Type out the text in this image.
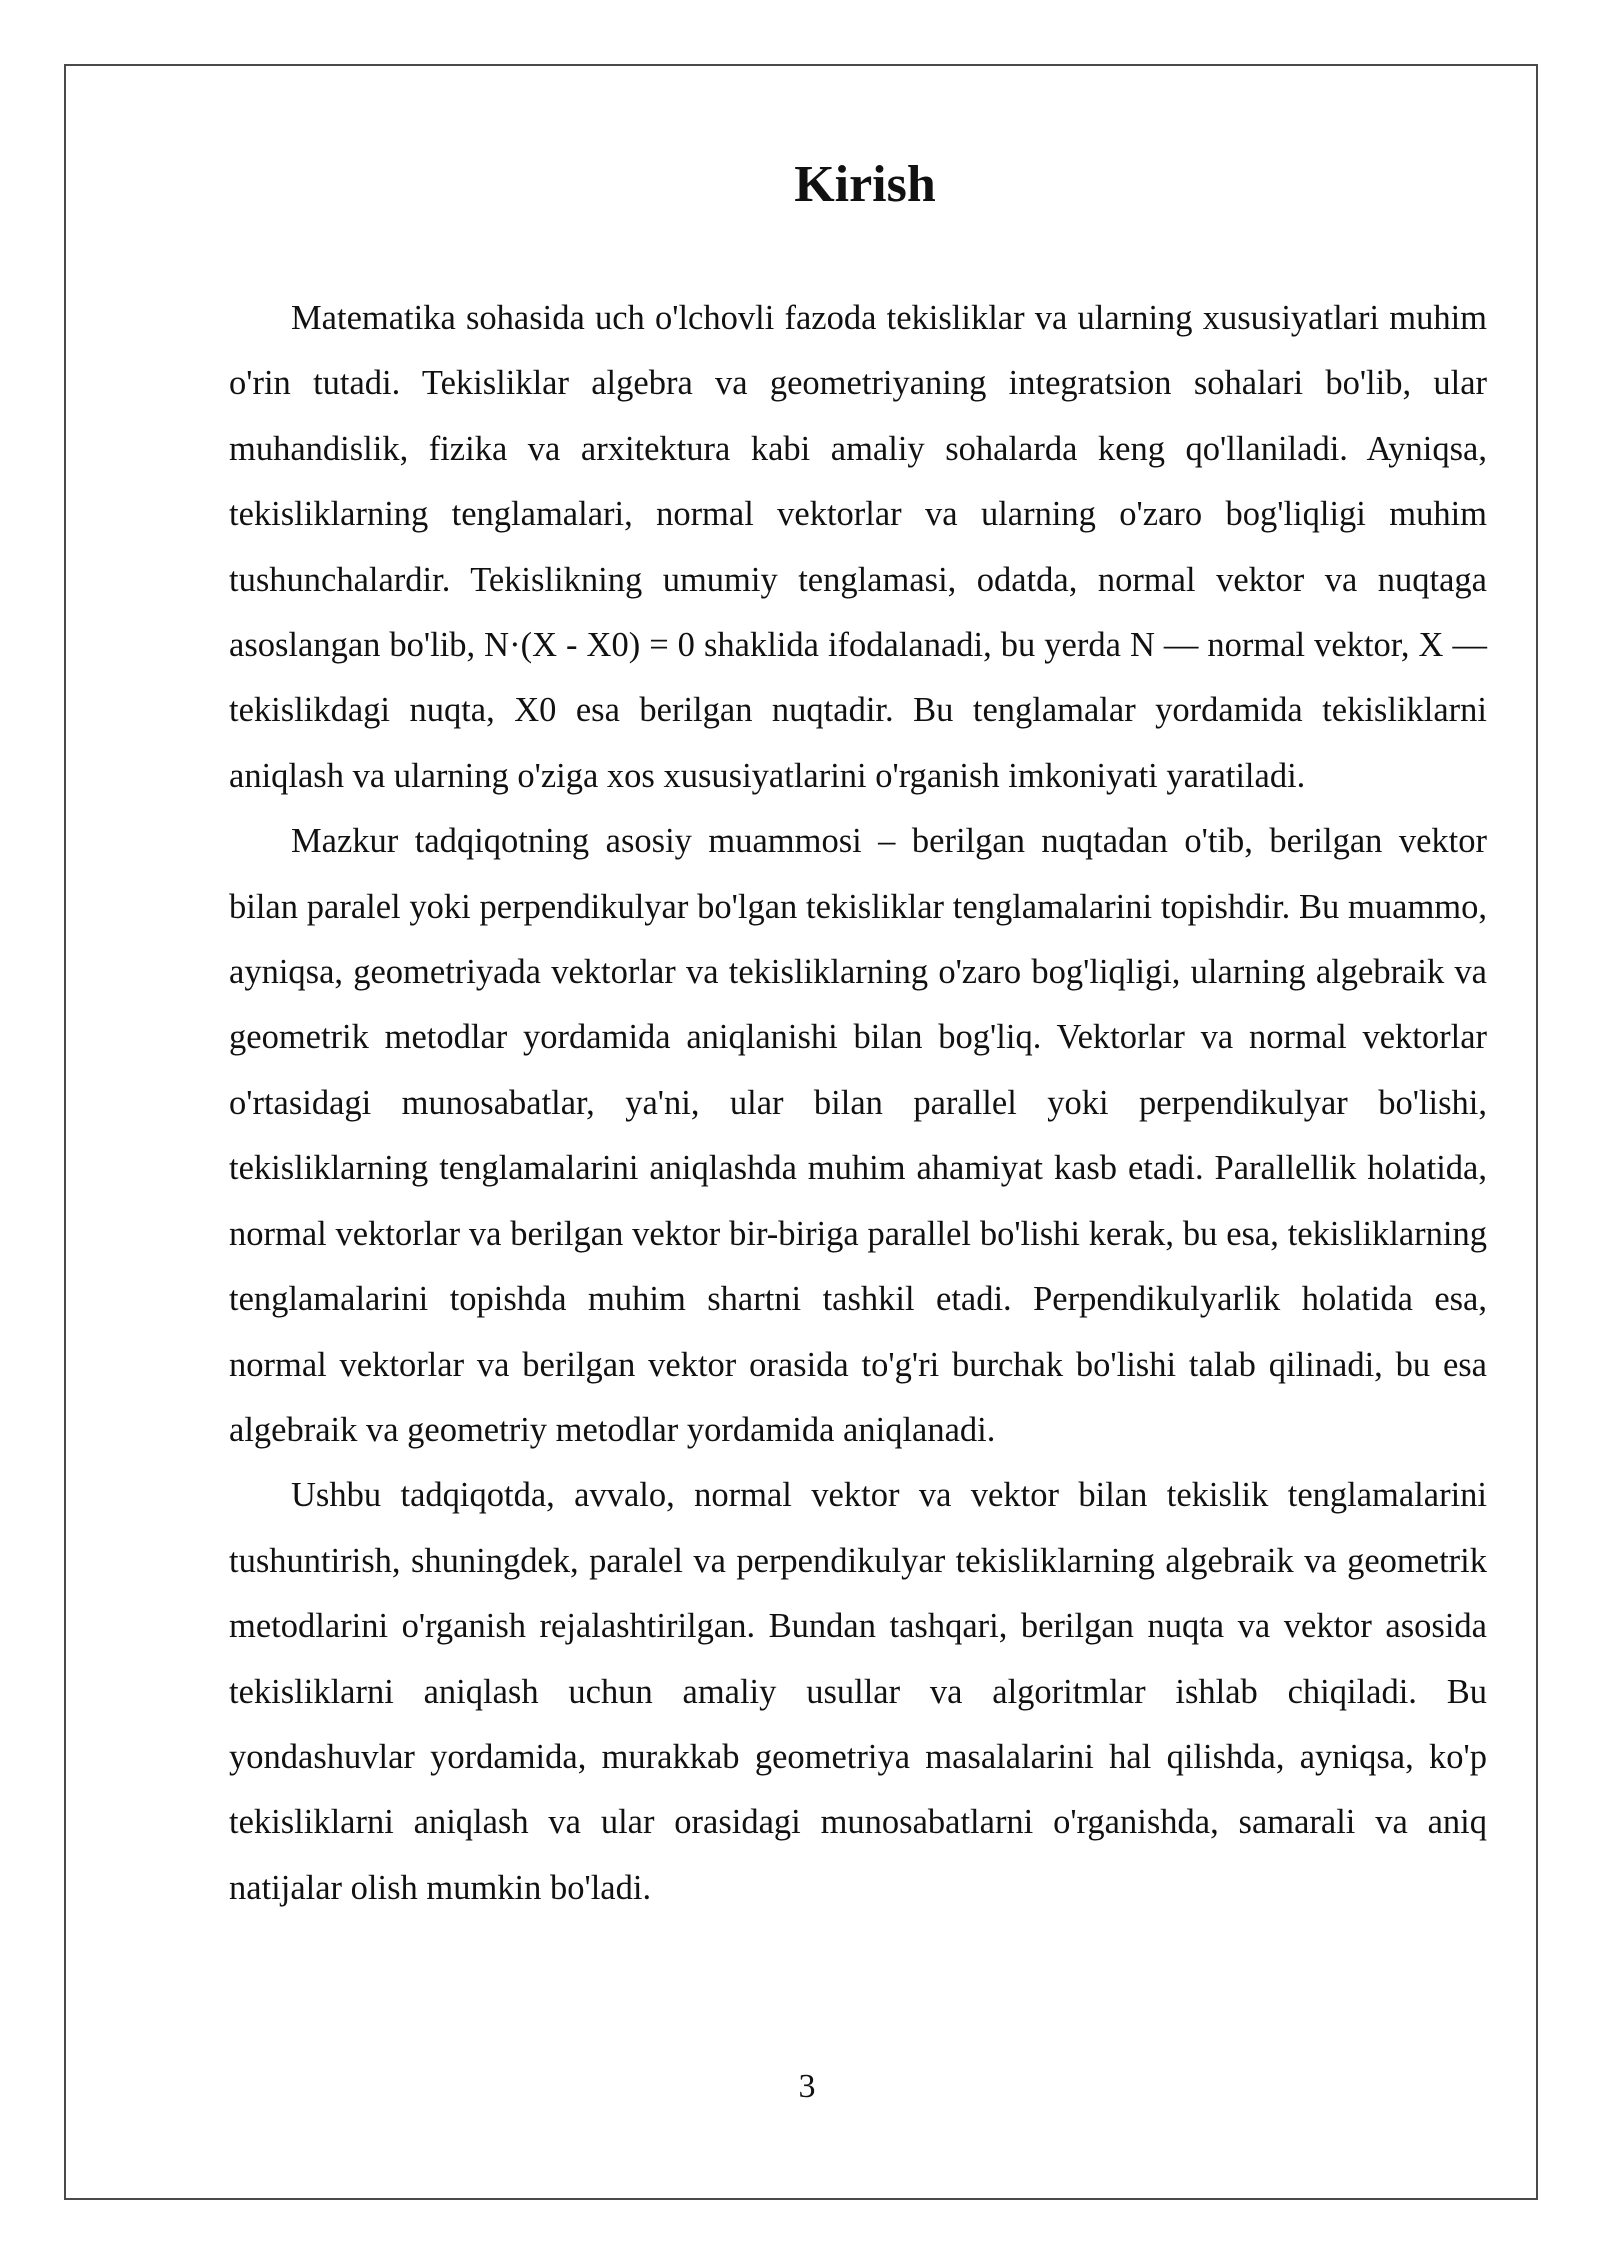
Kirish

Matematika sohasida uch o'lchovli fazoda tekisliklar va ularning xususiyatlari muhim o'rin tutadi. Tekisliklar algebra va geometriyaning integratsion sohalari bo'lib, ular muhandislik, fizika va arxitektura kabi amaliy sohalarda keng qo'llaniladi. Ayniqsa, tekisliklarning tenglamalari, normal vektorlar va ularning o'zaro bog'liqligi muhim tushunchalardir. Tekislikning umumiy tenglamasi, odatda, normal vektor va nuqtaga asoslangan bo'lib, N·(X - X0) = 0 shaklida ifodalanadi, bu yerda N — normal vektor, X — tekislikdagi nuqta, X0 esa berilgan nuqtadir. Bu tenglamalar yordamida tekisliklarni aniqlash va ularning o'ziga xos xususiyatlarini o'rganish imkoniyati yaratiladi.

Mazkur tadqiqotning asosiy muammosi – berilgan nuqtadan o'tib, berilgan vektor bilan paralel yoki perpendikulyar bo'lgan tekisliklar tenglamalarini topishdir. Bu muammo, ayniqsa, geometriyada vektorlar va tekisliklarning o'zaro bog'liqligi, ularning algebraik va geometrik metodlar yordamida aniqlanishi bilan bog'liq. Vektorlar va normal vektorlar o'rtasidagi munosabatlar, ya'ni, ular bilan parallel yoki perpendikulyar bo'lishi, tekisliklarning tenglamalarini aniqlashda muhim ahamiyat kasb etadi. Parallellik holatida, normal vektorlar va berilgan vektor bir-biriga parallel bo'lishi kerak, bu esa, tekisliklarning tenglamalarini topishda muhim shartni tashkil etadi. Perpendikulyarlik holatida esa, normal vektorlar va berilgan vektor orasida to'g'ri burchak bo'lishi talab qilinadi, bu esa algebraik va geometriy metodlar yordamida aniqlanadi.

Ushbu tadqiqotda, avvalo, normal vektor va vektor bilan tekislik tenglamalarini tushuntirish, shuningdek, paralel va perpendikulyar tekisliklarning algebraik va geometrik metodlarini o'rganish rejalashtirilgan. Bundan tashqari, berilgan nuqta va vektor asosida tekisliklarni aniqlash uchun amaliy usullar va algoritmlar ishlab chiqiladi. Bu yondashuvlar yordamida, murakkab geometriya masalalarini hal qilishda, ayniqsa, ko'p tekisliklarni aniqlash va ular orasidagi munosabatlarni o'rganishda, samarali va aniq natijalar olish mumkin bo'ladi.

3
